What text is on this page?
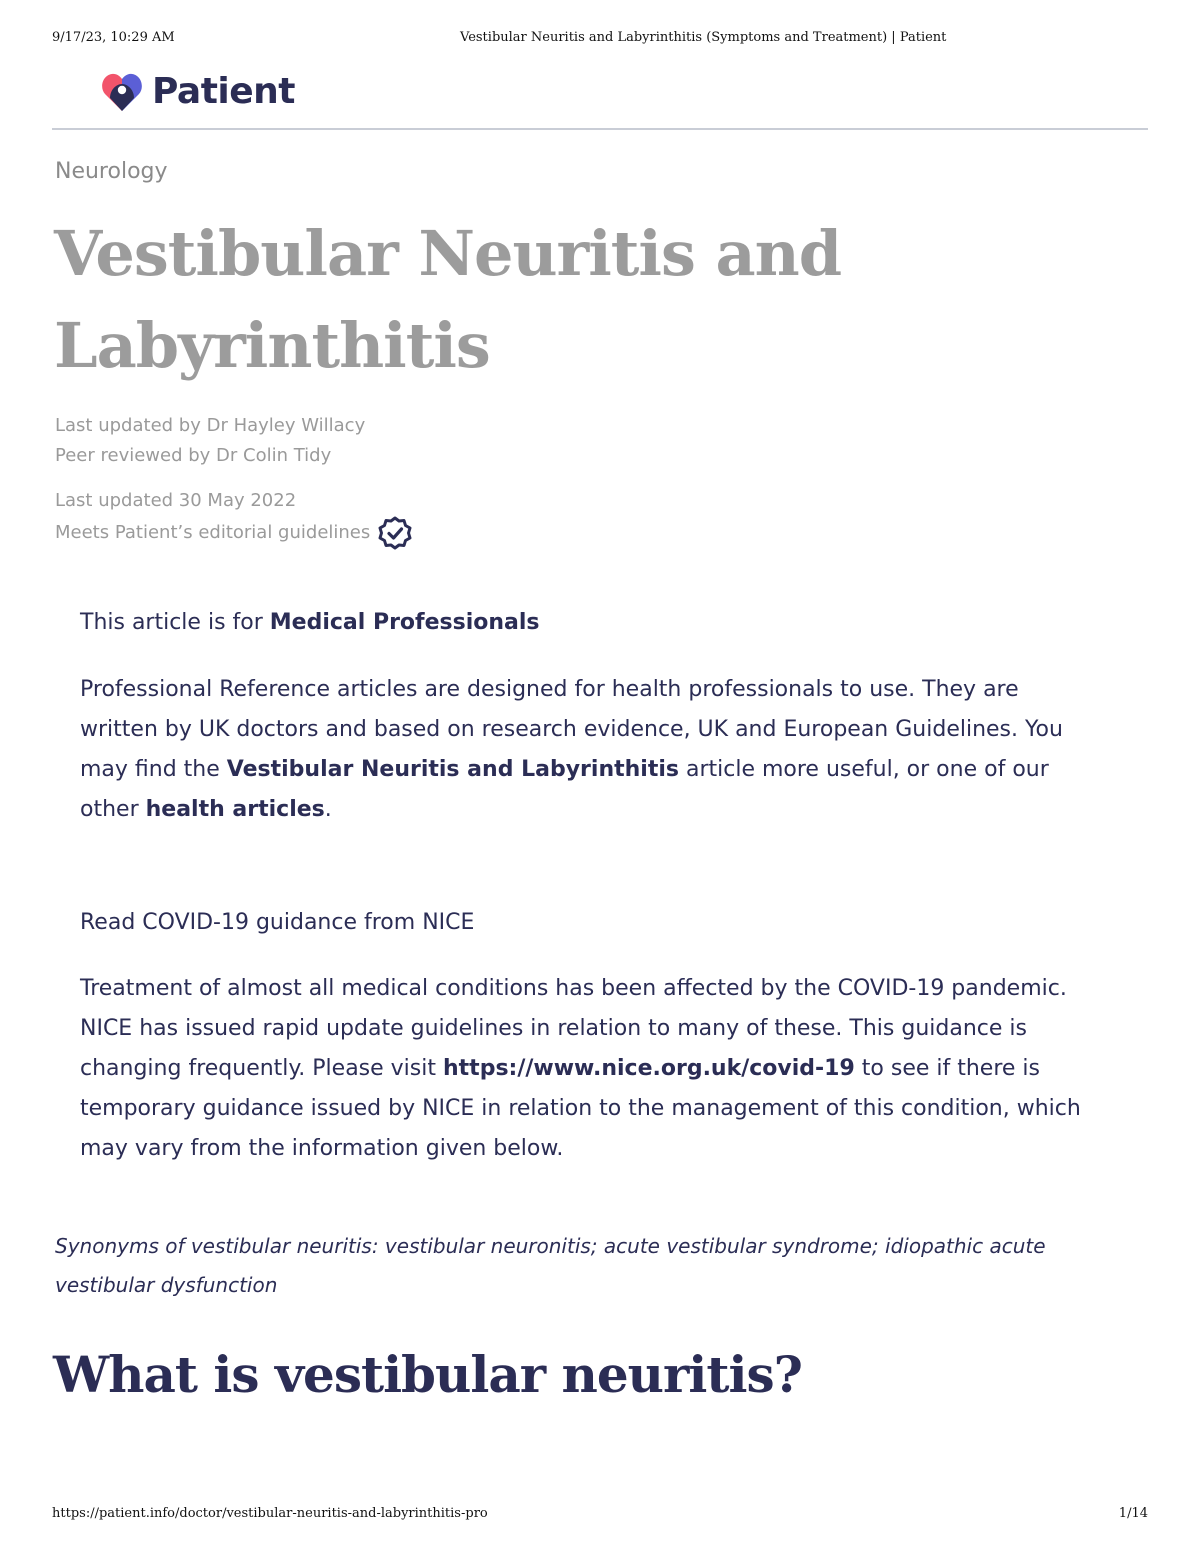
9/17/23, 10:29 AM	Vestibular Neuritis and Labyrinthitis (Symptoms and Treatment) | Patient
Patient
Neurology
Vestibular Neuritis and Labyrinthitis
Last updated by Dr Hayley Willacy
Peer reviewed by Dr Colin Tidy
Last updated 30 May 2022
Meets Patient’s editorial guidelines
This article is for Medical Professionals
Professional Reference articles are designed for health professionals to use. They are written by UK doctors and based on research evidence, UK and European Guidelines. You may find the Vestibular Neuritis and Labyrinthitis article more useful, or one of our other health articles.
Read COVID-19 guidance from NICE
Treatment of almost all medical conditions has been affected by the COVID-19 pandemic. NICE has issued rapid update guidelines in relation to many of these. This guidance is changing frequently. Please visit https://www.nice.org.uk/covid-19 to see if there is temporary guidance issued by NICE in relation to the management of this condition, which may vary from the information given below.
Synonyms of vestibular neuritis: vestibular neuronitis; acute vestibular syndrome; idiopathic acute vestibular dysfunction
What is vestibular neuritis?
https://patient.info/doctor/vestibular-neuritis-and-labyrinthitis-pro	1/14
